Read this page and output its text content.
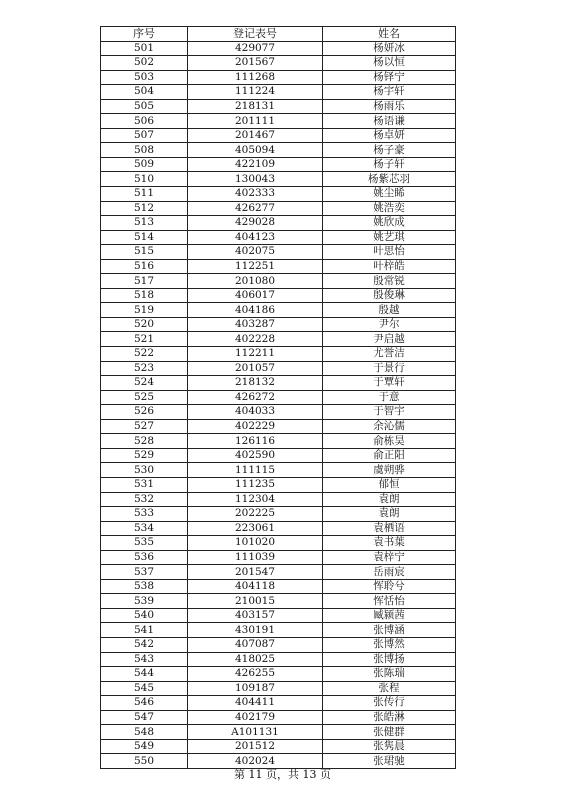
序号	登记表号	姓名
501	429077	杨妍冰
502	201567	杨以恒
503	111268	杨铎宁
504	111224	杨宇轩
505	218131	杨雨乐
506	201111	杨语谦
507	201467	杨卓妍
508	405094	杨子豪
509	422109	杨子轩
510	130043	杨紫芯羽
511	402333	姚尘睎
512	426277	姚浩奕
513	429028	姚欣成
514	404123	姚艺琪
515	402075	叶思怡
516	112251	叶梓皓
517	201080	殷常锐
518	406017	殷俊琳
519	404186	殷越
520	403287	尹尔
521	402228	尹启越
522	112211	尤誉洁
523	201057	于景行
524	218132	于覃轩
525	426272	于意
526	404033	于智宇
527	402229	余沁儒
528	126116	俞栋昊
529	402590	俞正阳
530	111115	虞朔骅
531	111235	郁恒
532	112304	袁朗
533	202225	袁朗
534	223061	袁栖语
535	101020	袁书葉
536	111039	袁梓宁
537	201547	岳雨宸
538	404118	恽聆兮
539	210015	恽恬怡
540	403157	臧颍茜
541	430191	张博涵
542	407087	张博然
543	418025	张博扬
544	426255	张陈瑞
545	109187	张程
546	404411	张传行
547	402179	张皓淋
548	A101131	张健群
549	201512	张隽晨
550	402024	张珺驰
第 11 页，共 13 页
